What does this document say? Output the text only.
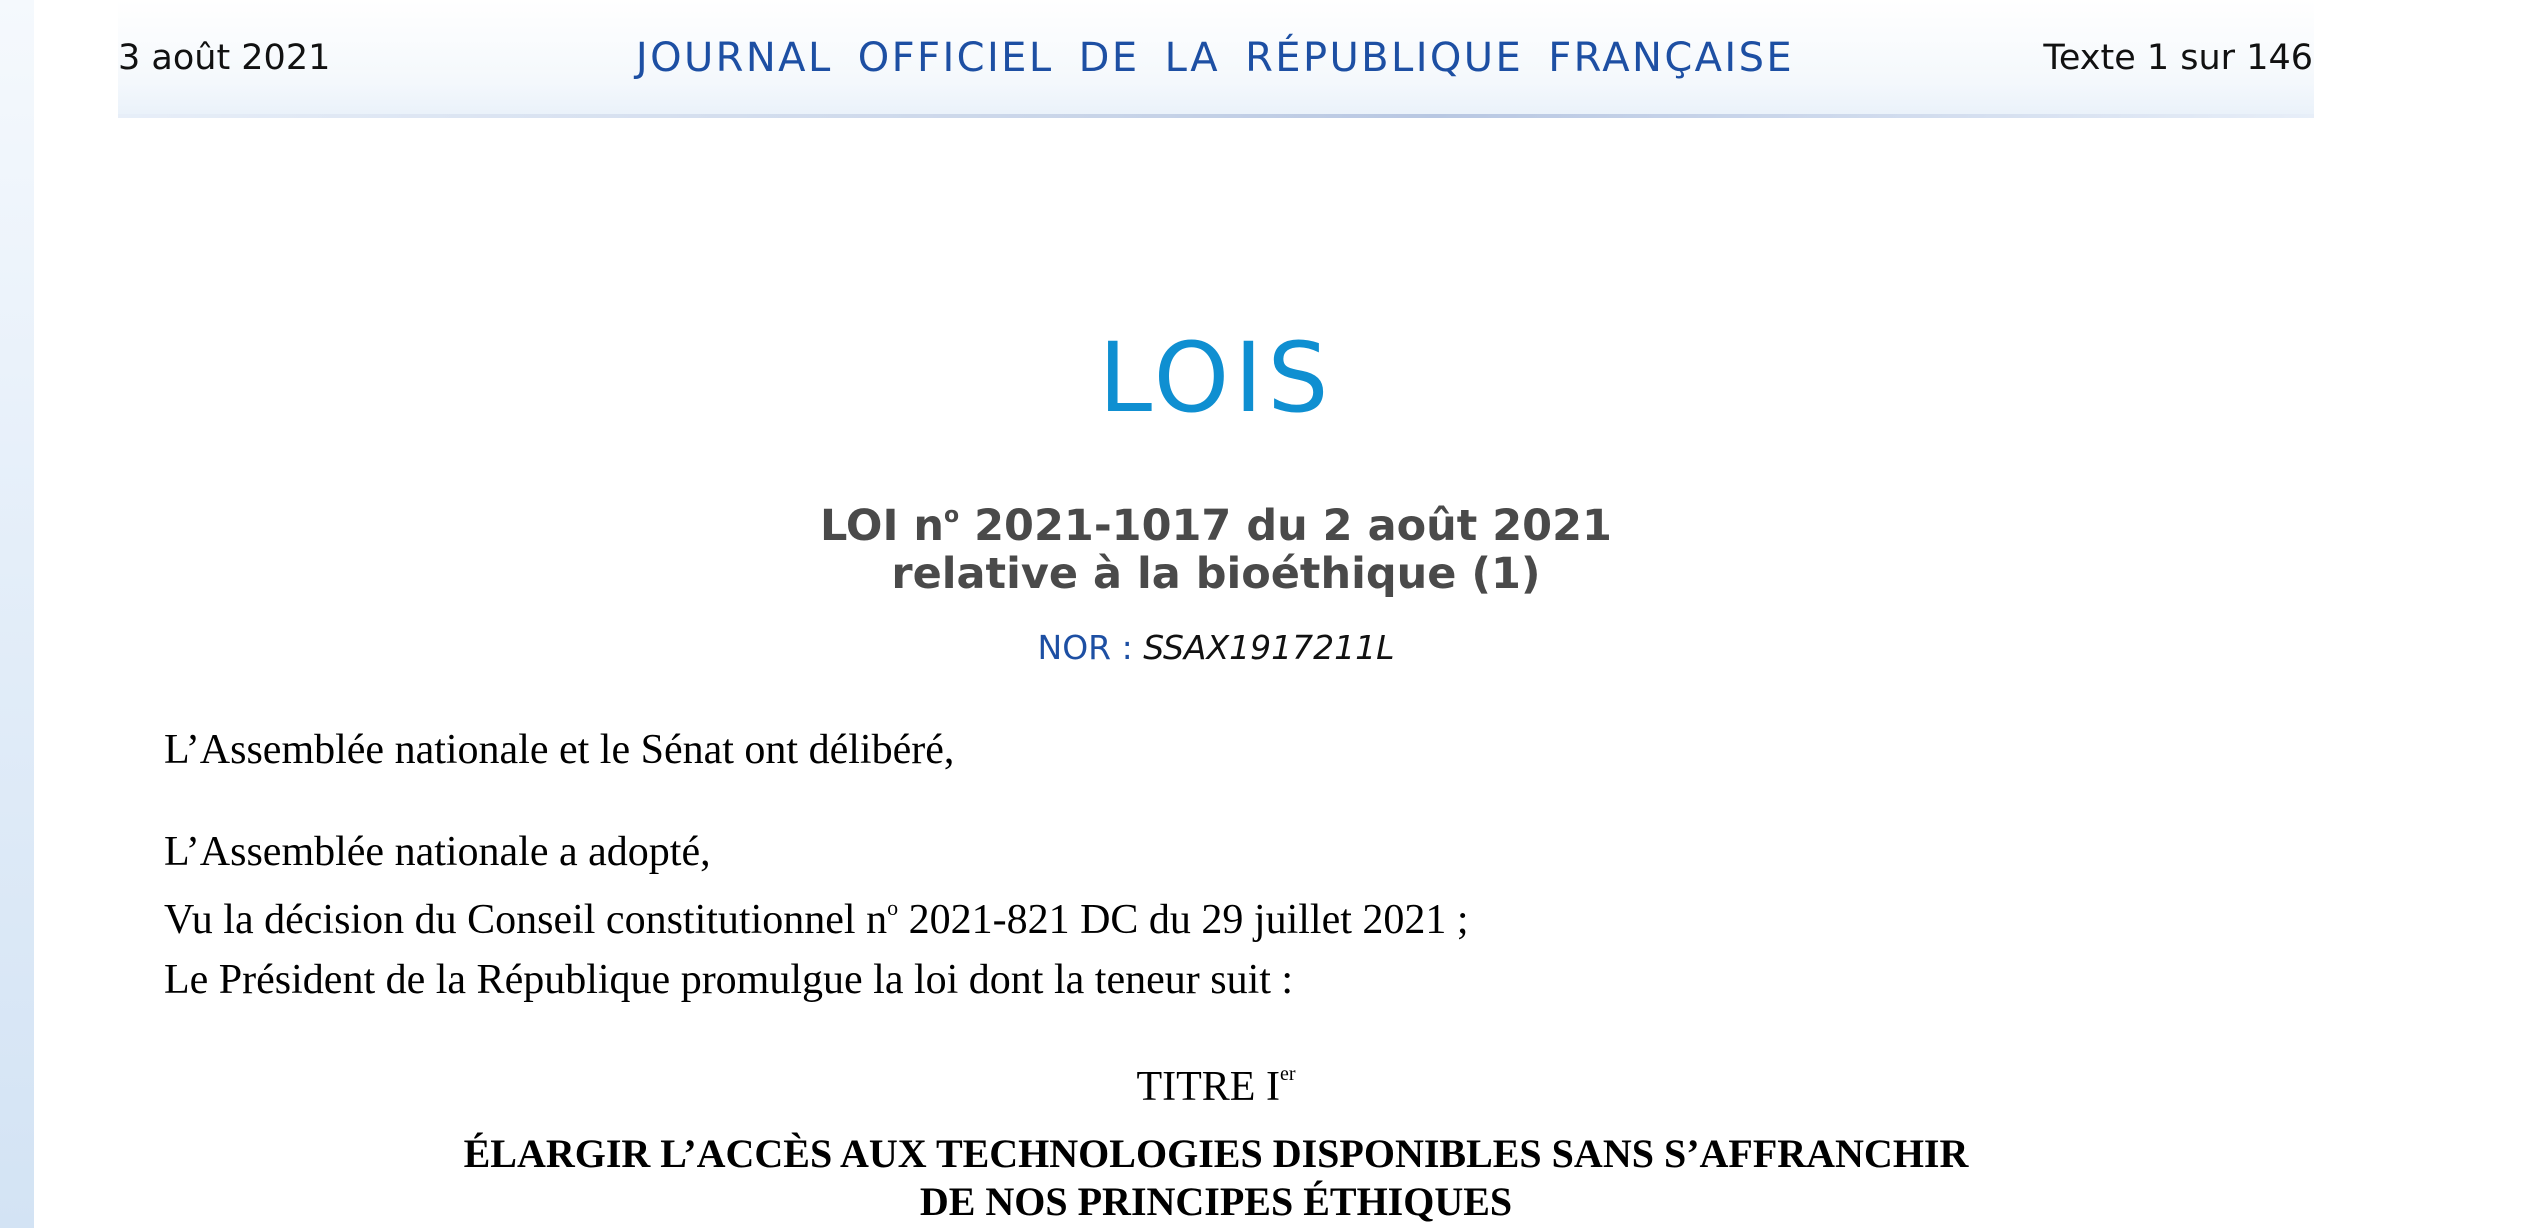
3 août 2021	JOURNAL OFFICIEL DE LA RÉPUBLIQUE FRANÇAISE	Texte 1 sur 146
LOIS
LOI $n^o$ 2021-1017 du 2 août 2021
relative à la bioéthique (1)
NOR : SSAX1917211L
L’Assemblée nationale et le Sénat ont délibéré,
L’Assemblée nationale a adopté,
Vu la décision du Conseil constitutionnel $n^o$ 2021-821 DC du 29 juillet 2021 ;
Le Président de la République promulgue la loi dont la teneur suit :
TITRE Ier
ÉLARGIR L’ACCÈS AUX TECHNOLOGIES DISPONIBLES SANS S’AFFRANCHIR
DE NOS PRINCIPES ÉTHIQUES
